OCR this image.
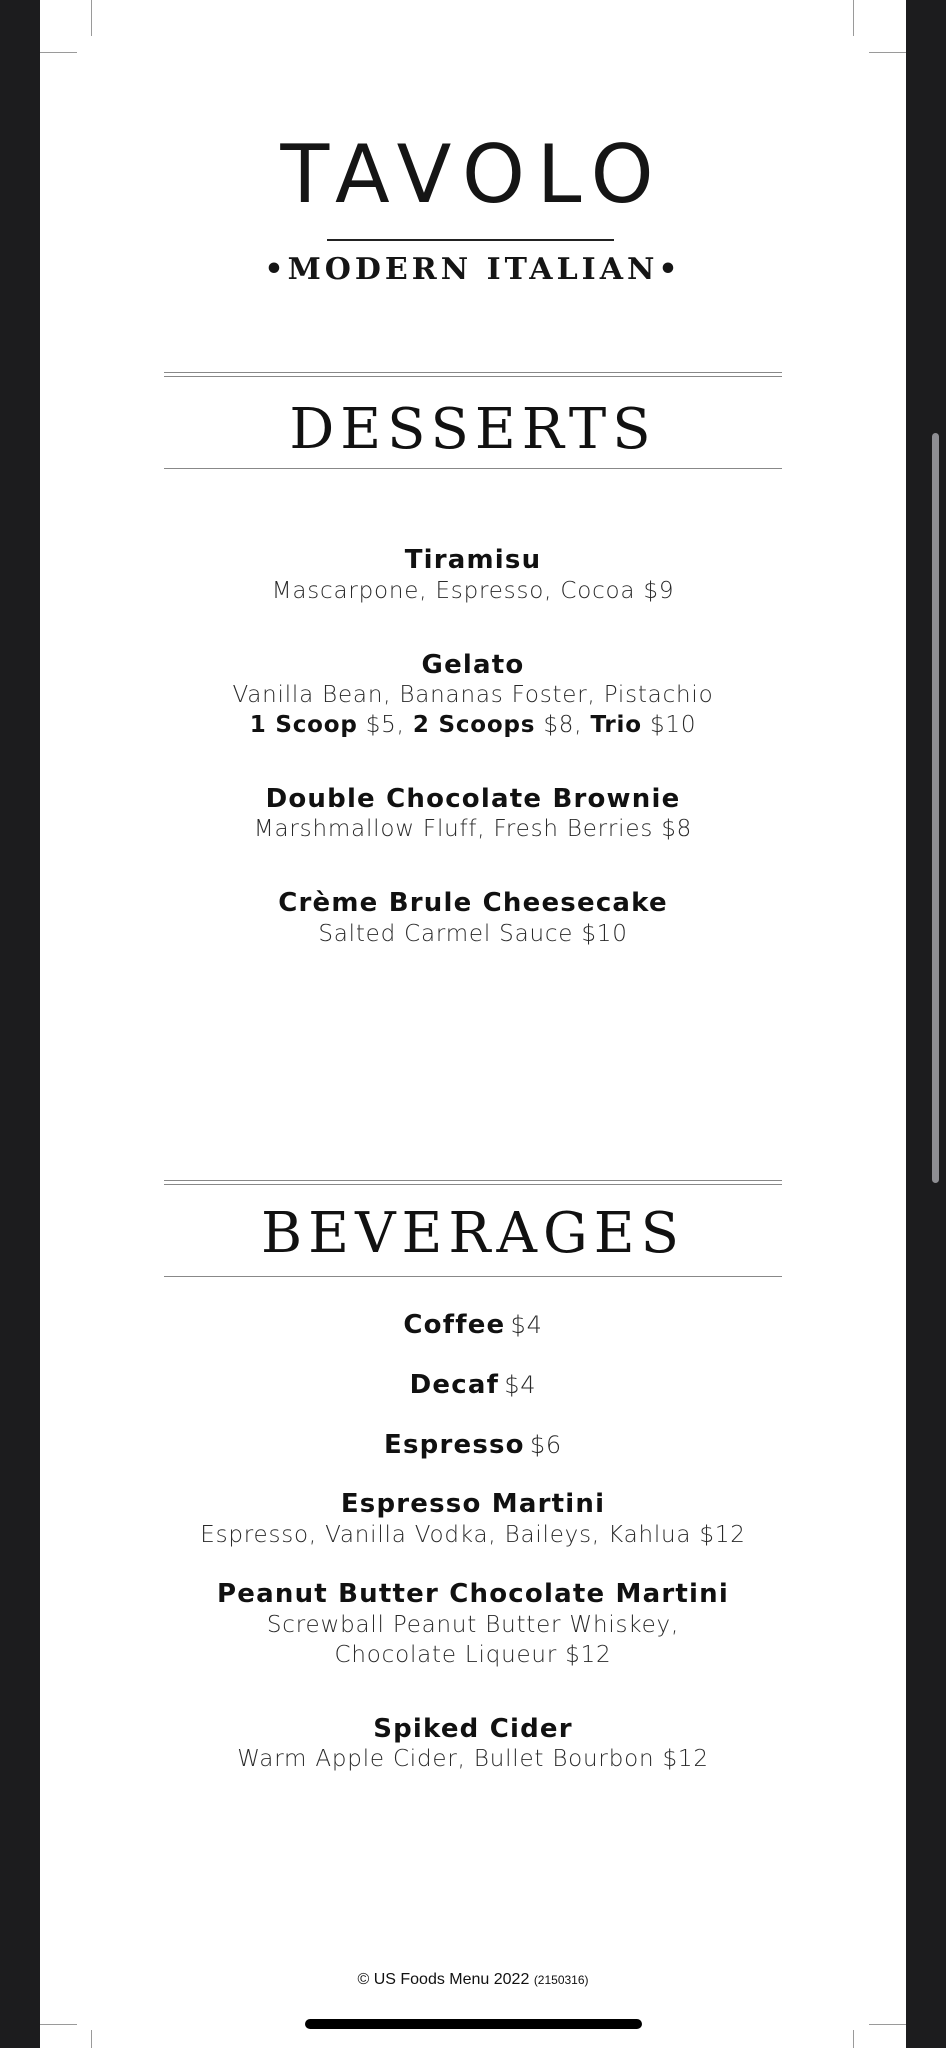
TAVOLO
•MODERN ITALIAN•
DESSERTS
Tiramisu
Mascarpone, Espresso, Cocoa $9
Gelato
Vanilla Bean, Bananas Foster, Pistachio
1 Scoop $5, 2 Scoops $8, Trio $10
Double Chocolate Brownie
Marshmallow Fluff, Fresh Berries $8
Crème Brule Cheesecake
Salted Carmel Sauce $10
BEVERAGES
Coffee $4
Decaf $4
Espresso $6
Espresso Martini
Espresso, Vanilla Vodka, Baileys, Kahlua $12
Peanut Butter Chocolate Martini
Screwball Peanut Butter Whiskey,
Chocolate Liqueur $12
Spiked Cider
Warm Apple Cider, Bullet Bourbon $12
© US Foods Menu 2022 (2150316)
